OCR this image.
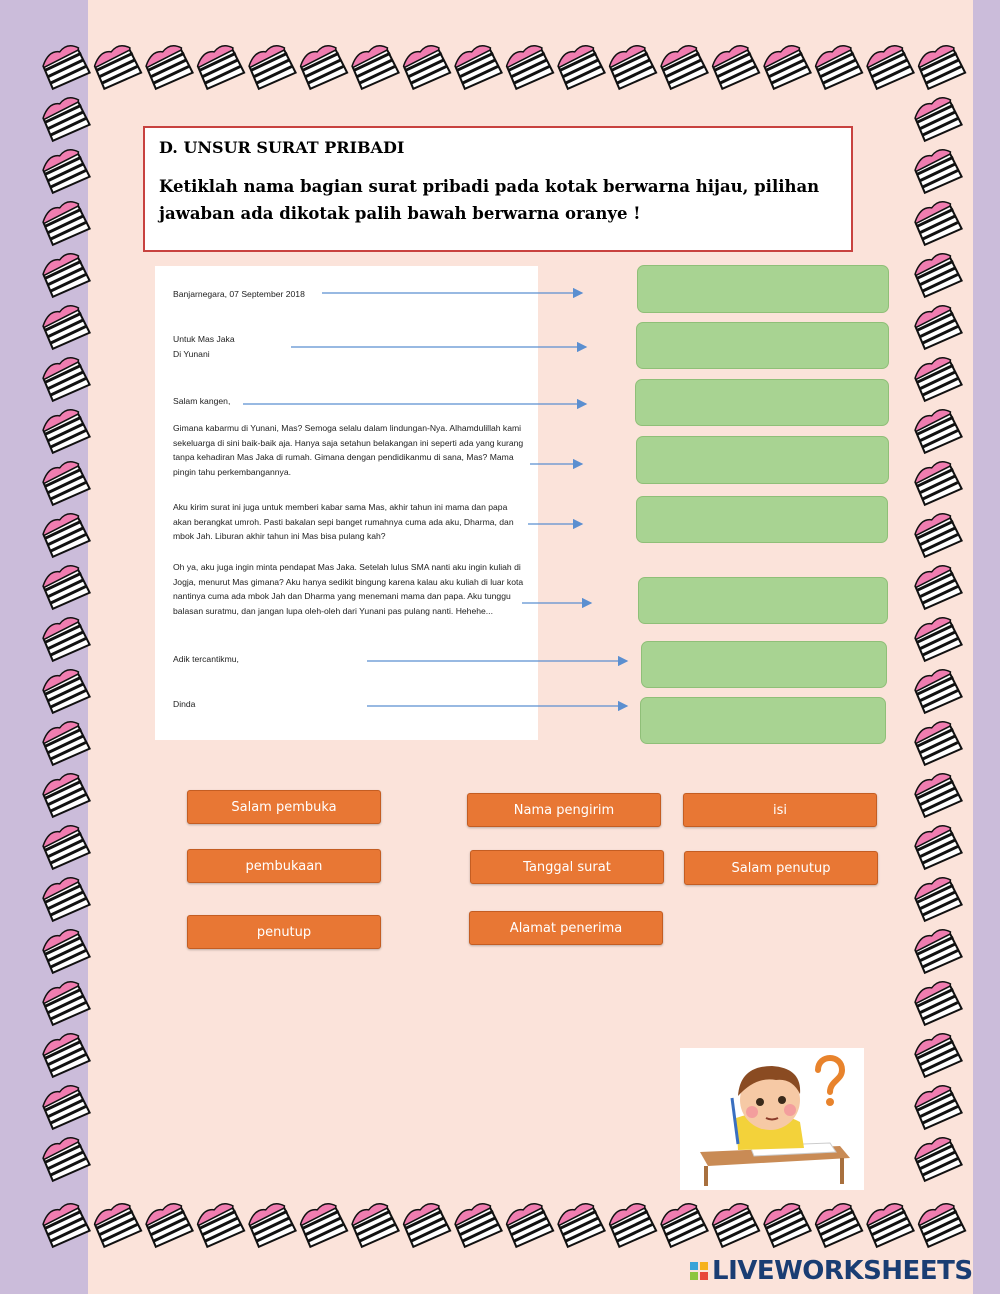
D. UNSUR SURAT PRIBADI

Ketiklah nama bagian surat pribadi pada kotak berwarna hijau, pilihan jawaban ada dikotak palih bawah berwarna oranye !

Banjarnegara, 07 September 2018

Untuk Mas Jaka

Di Yunani

Salam kangen,

Gimana kabarmu di Yunani, Mas? Semoga selalu dalam lindungan-Nya. Alhamdulillah kami sekeluarga di sini baik-baik aja. Hanya saja setahun belakangan ini seperti ada yang kurang tanpa kehadiran Mas Jaka di rumah. Gimana dengan pendidikanmu di sana, Mas? Mama pingin tahu perkembangannya.

Aku kirim surat ini juga untuk memberi kabar sama Mas, akhir tahun ini mama dan papa akan berangkat umroh. Pasti bakalan sepi banget rumahnya cuma ada aku, Dharma, dan mbok Jah. Liburan akhir tahun ini Mas bisa pulang kah?

Oh ya, aku juga ingin minta pendapat Mas Jaka. Setelah lulus SMA nanti aku ingin kuliah di Jogja, menurut Mas gimana? Aku hanya sedikit bingung karena kalau aku kuliah di luar kota nantinya cuma ada mbok Jah dan Dharma yang menemani mama dan papa. Aku tunggu balasan suratmu, dan jangan lupa oleh-oleh dari Yunani pas pulang nanti. Hehehe...

Adik tercantikmu,

Dinda

Salam pembuka	Nama pengirim	isi
pembukaan	Tanggal surat	Salam penutup
penutup	Alamat penerima
LIVEWORKSHEETS
